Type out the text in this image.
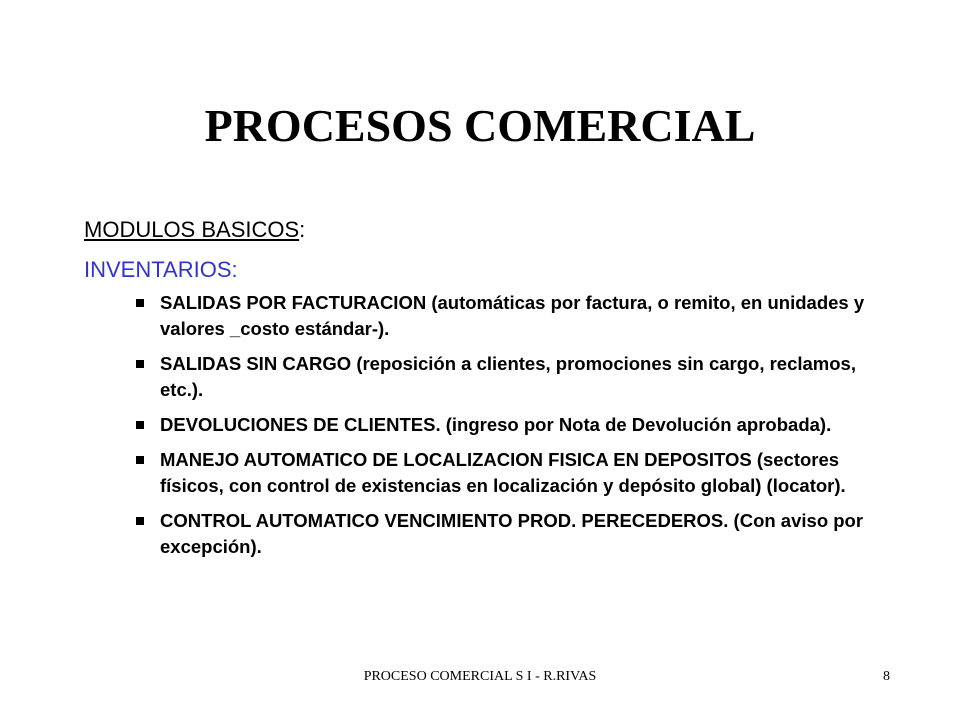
PROCESOS COMERCIAL
MODULOS BASICOS:
INVENTARIOS:
SALIDAS POR FACTURACION (automáticas por factura, o remito, en unidades y valores _costo estándar-).
SALIDAS SIN CARGO (reposición a clientes, promociones sin cargo, reclamos, etc.).
DEVOLUCIONES DE CLIENTES. (ingreso por Nota de Devolución aprobada).
MANEJO AUTOMATICO DE LOCALIZACION FISICA EN DEPOSITOS (sectores físicos, con control de existencias en localización y depósito global) (locator).
CONTROL AUTOMATICO VENCIMIENTO PROD. PERECEDEROS. (Con aviso por excepción).
PROCESO COMERCIAL S I - R.RIVAS	8
